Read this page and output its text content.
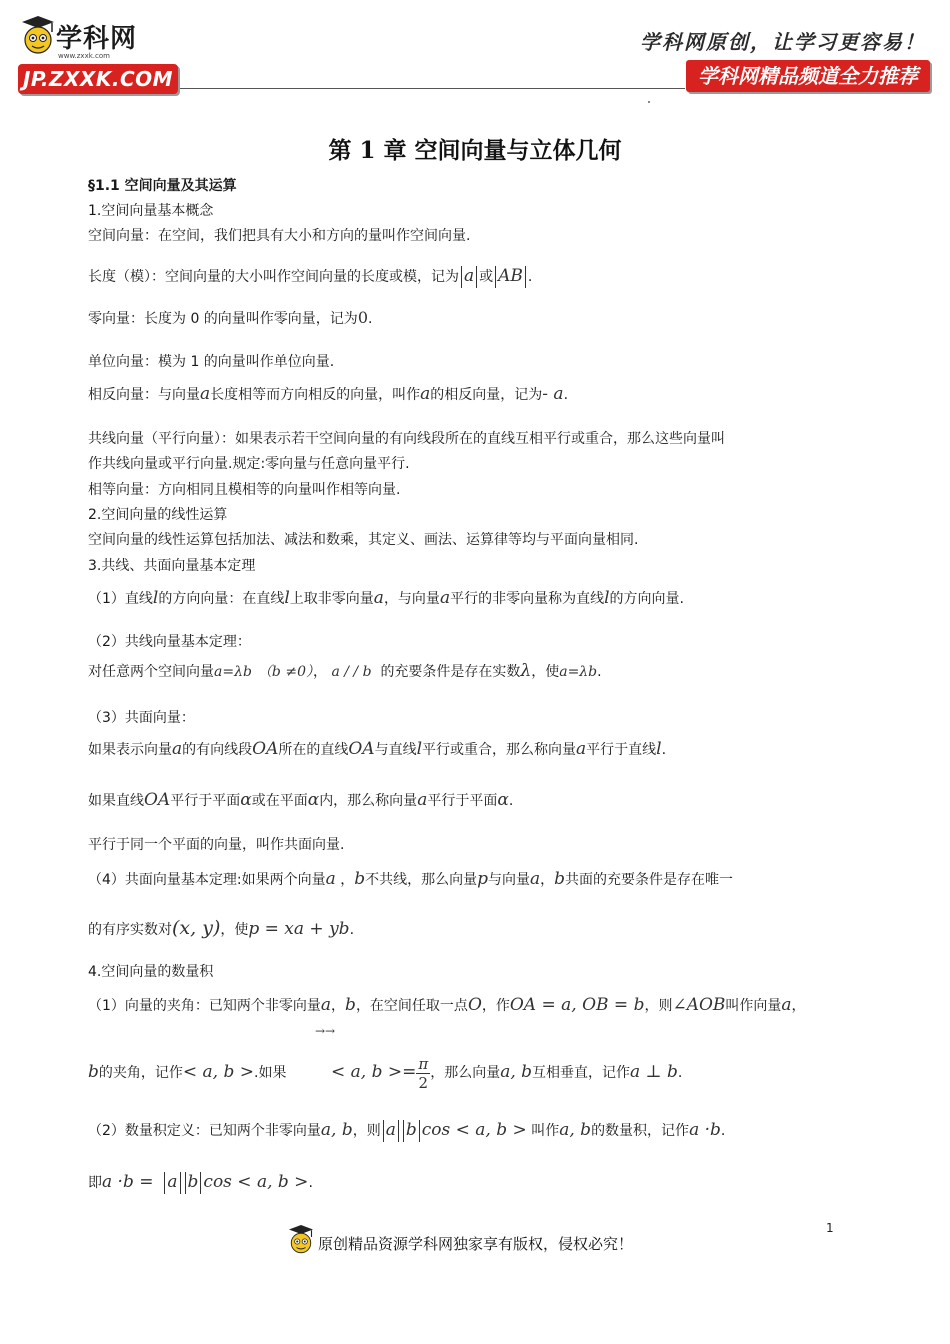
学科网
www.zxxk.com
JP.ZXXK.COM
学科网原创，让学习更容易！
学科网精品频道全力推荐
第 1 章 空间向量与立体几何
§1.1 空间向量及其运算
1.空间向量基本概念
空间向量：在空间，我们把具有大小和方向的量叫作空间向量.
长度（模）：空间向量的大小叫作空间向量的长度或模，记为 a 或 AB .
零向量：长度为 0 的向量叫作零向量，记为0.
单位向量：模为 1 的向量叫作单位向量.
相反向量：与向量a长度相等而方向相反的向量，叫作a的相反向量，记为- a.
共线向量（平行向量）：如果表示若干空间向量的有向线段所在的直线互相平行或重合，那么这些向量叫
作共线向量或平行向量.规定:零向量与任意向量平行.
相等向量：方向相同且模相等的向量叫作相等向量.
2.空间向量的线性运算
空间向量的线性运算包括加法、减法和数乘，其定义、画法、运算律等均与平面向量相同.
3.共线、共面向量基本定理
（1）直线l的方向向量：在直线l上取非零向量a，与向量a平行的非零向量称为直线l的方向向量.
（2）共线向量基本定理：
对任意两个空间向量a=λb （b ≠0）， a / / b 的充要条件是存在实数λ，使a=λb.
（3）共面向量：
如果表示向量a的有向线段OA所在的直线OA与直线l平行或重合，那么称向量a平行于直线l.
如果直线OA平行于平面α或在平面α内，那么称向量a平行于平面α.
平行于同一个平面的向量，叫作共面向量.
（4）共面向量基本定理:如果两个向量a ，b不共线，那么向量p与向量a，b共面的充要条件是存在唯一
的有序实数对(x, y)，使p = xa + yb.
4.空间向量的数量积
（1）向量的夹角：已知两个非零向量a，b，在空间任取一点O，作OA = a, OB = b，则∠AOB叫作向量a，
→→
b的夹角，记作< a, b >.如果	< a, $b >= \frac{\pi}{2}$ ，那么向量a, b互相垂直，记作a ⊥ b.
（2）数量积定义：已知两个非零向量a, b，则 a b cos < a, b > 叫作a, b的数量积，记作a ·b.
即a ·b = a b cos < a, b >.
原创精品资源学科网独家享有版权，侵权必究！
1
